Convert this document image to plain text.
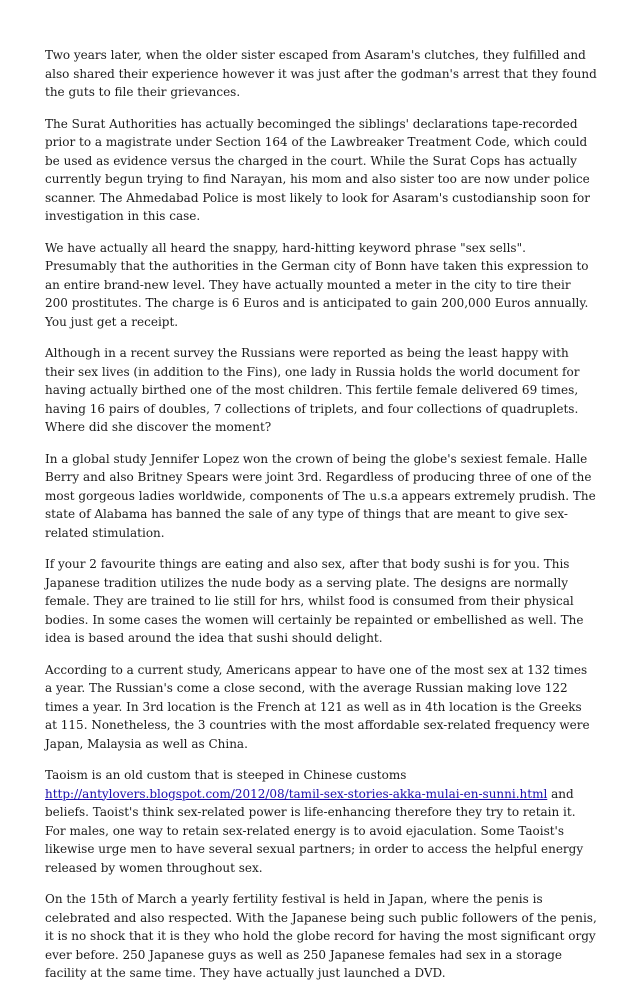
Two years later, when the older sister escaped from Asaram's clutches, they fulfilled and also shared their experience however it was just after the godman's arrest that they found the guts to file their grievances.

The Surat Authorities has actually becominged the siblings' declarations tape-recorded prior to a magistrate under Section 164 of the Lawbreaker Treatment Code, which could be used as evidence versus the charged in the court. While the Surat Cops has actually currently begun trying to find Narayan, his mom and also sister too are now under police scanner. The Ahmedabad Police is most likely to look for Asaram's custodianship soon for investigation in this case.

We have actually all heard the snappy, hard-hitting keyword phrase "sex sells". Presumably that the authorities in the German city of Bonn have taken this expression to an entire brand-new level. They have actually mounted a meter in the city to tire their 200 prostitutes. The charge is 6 Euros and is anticipated to gain 200,000 Euros annually. You just get a receipt.

Although in a recent survey the Russians were reported as being the least happy with their sex lives (in addition to the Fins), one lady in Russia holds the world document for having actually birthed one of the most children. This fertile female delivered 69 times, having 16 pairs of doubles, 7 collections of triplets, and four collections of quadruplets. Where did she discover the moment?

In a global study Jennifer Lopez won the crown of being the globe's sexiest female. Halle Berry and also Britney Spears were joint 3rd. Regardless of producing three of one of the most gorgeous ladies worldwide, components of The u.s.a appears extremely prudish. The state of Alabama has banned the sale of any type of things that are meant to give sex-related stimulation.

If your 2 favourite things are eating and also sex, after that body sushi is for you. This Japanese tradition utilizes the nude body as a serving plate. The designs are normally female. They are trained to lie still for hrs, whilst food is consumed from their physical bodies. In some cases the women will certainly be repainted or embellished as well. The idea is based around the idea that sushi should delight.

According to a current study, Americans appear to have one of the most sex at 132 times a year. The Russian's come a close second, with the average Russian making love 122 times a year. In 3rd location is the French at 121 as well as in 4th location is the Greeks at 115. Nonetheless, the 3 countries with the most affordable sex-related frequency were Japan, Malaysia as well as China.

Taoism is an old custom that is steeped in Chinese customs http://antylovers.blogspot.com/2012/08/tamil-sex-stories-akka-mulai-en-sunni.html and beliefs. Taoist's think sex-related power is life-enhancing therefore they try to retain it. For males, one way to retain sex-related energy is to avoid ejaculation. Some Taoist's likewise urge men to have several sexual partners; in order to access the helpful energy released by women throughout sex.

On the 15th of March a yearly fertility festival is held in Japan, where the penis is celebrated and also respected. With the Japanese being such public followers of the penis, it is no shock that it is they who hold the globe record for having the most significant orgy ever before. 250 Japanese guys as well as 250 Japanese females had sex in a storage facility at the same time. They have actually just launched a DVD.
